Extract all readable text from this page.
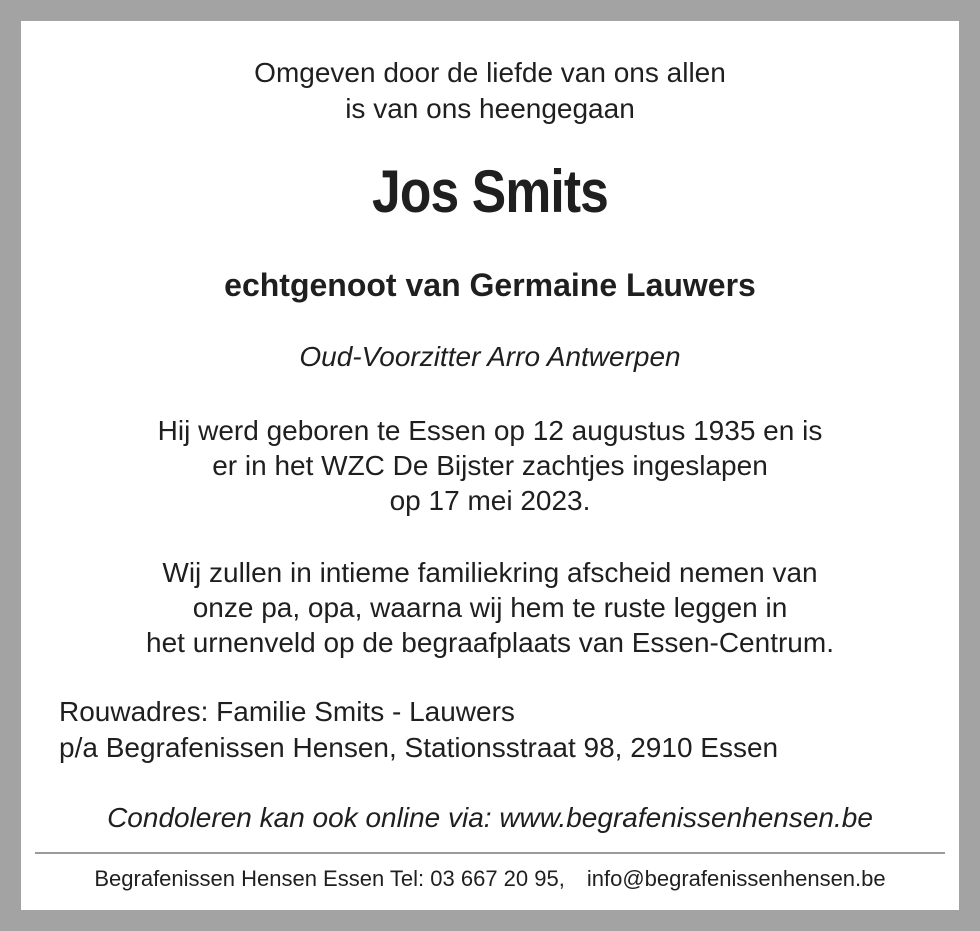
Omgeven door de liefde van ons allen
is van ons heengegaan
Jos Smits
echtgenoot van Germaine Lauwers
Oud-Voorzitter Arro Antwerpen
Hij werd geboren te Essen op 12 augustus 1935 en is
er in het WZC De Bijster zachtjes ingeslapen
op 17 mei 2023.
Wij zullen in intieme familiekring afscheid nemen van
onze pa, opa, waarna wij hem te ruste leggen in
het urnenveld op de begraafplaats van Essen-Centrum.
Rouwadres: Familie Smits - Lauwers
p/a Begrafenissen Hensen, Stationsstraat 98, 2910 Essen
Condoleren kan ook online via: www.begrafenissenhensen.be
Begrafenissen Hensen Essen Tel: 03 667 20 95, info@begrafenissenhensen.be
